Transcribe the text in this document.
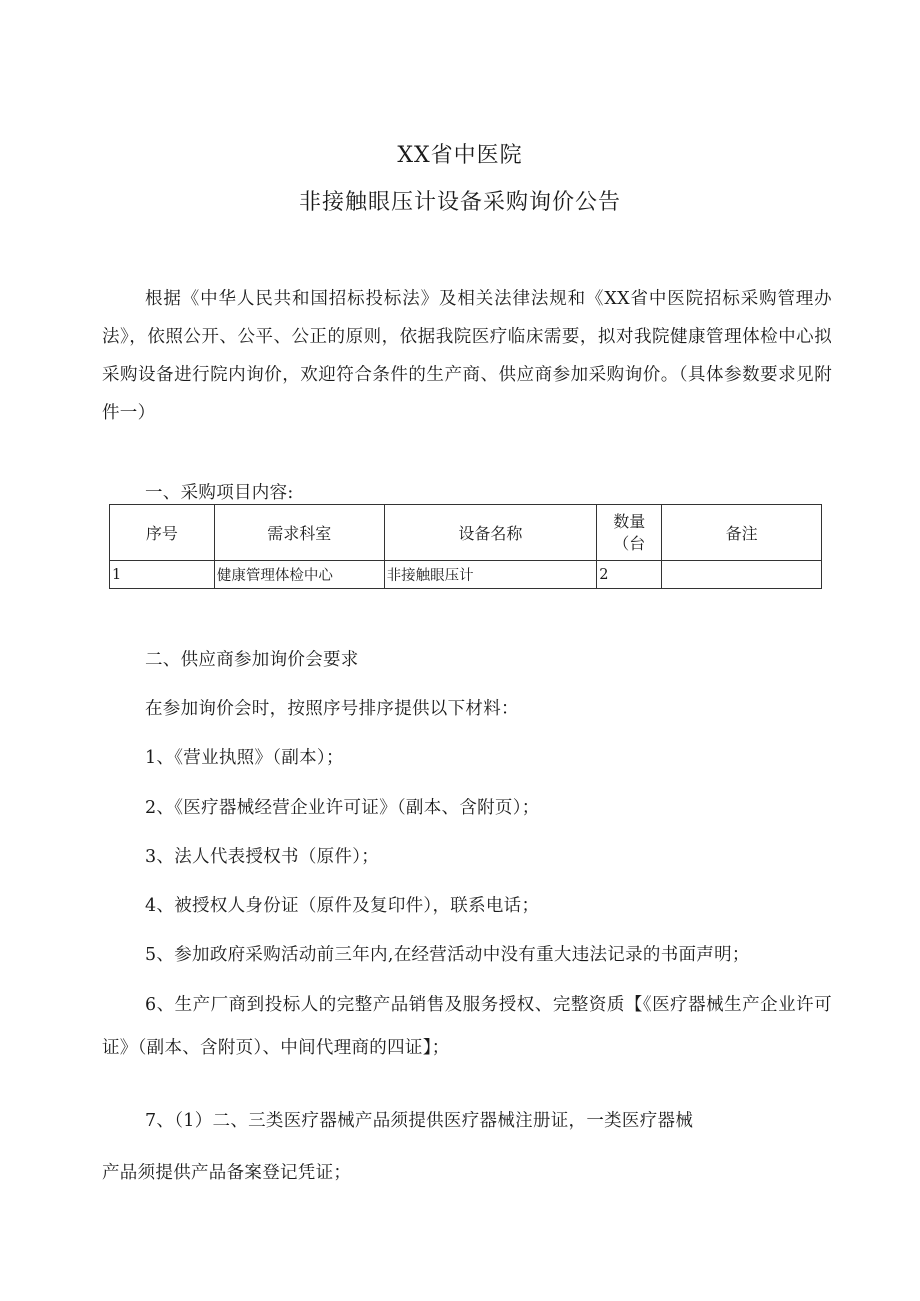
XX省中医院
非接触眼压计设备采购询价公告
根据《中华人民共和国招标投标法》及相关法律法规和《XX省中医院招标采购管理办法》，依照公开、公平、公正的原则，依据我院医疗临床需要，拟对我院健康管理体检中心拟采购设备进行院内询价，欢迎符合条件的生产商、供应商参加采购询价。（具体参数要求见附件一）
一、采购项目内容:
序号	需求科室	设备名称	数量（台	备注
1	健康管理体检中心	非接触眼压计	2	
二、供应商参加询价会要求
在参加询价会时，按照序号排序提供以下材料：
1、《营业执照》（副本）；
2、《医疗器械经营企业许可证》（副本、含附页）；
3、法人代表授权书（原件）；
4、被授权人身份证（原件及复印件），联系电话；
5、参加政府采购活动前三年内,在经营活动中没有重大违法记录的书面声明；
6、生产厂商到投标人的完整产品销售及服务授权、完整资质【《医疗器械生产企业许可证》（副本、含附页）、中间代理商的四证】；
7、（1）二、三类医疗器械产品须提供医疗器械注册证，一类医疗器械
产品须提供产品备案登记凭证；
